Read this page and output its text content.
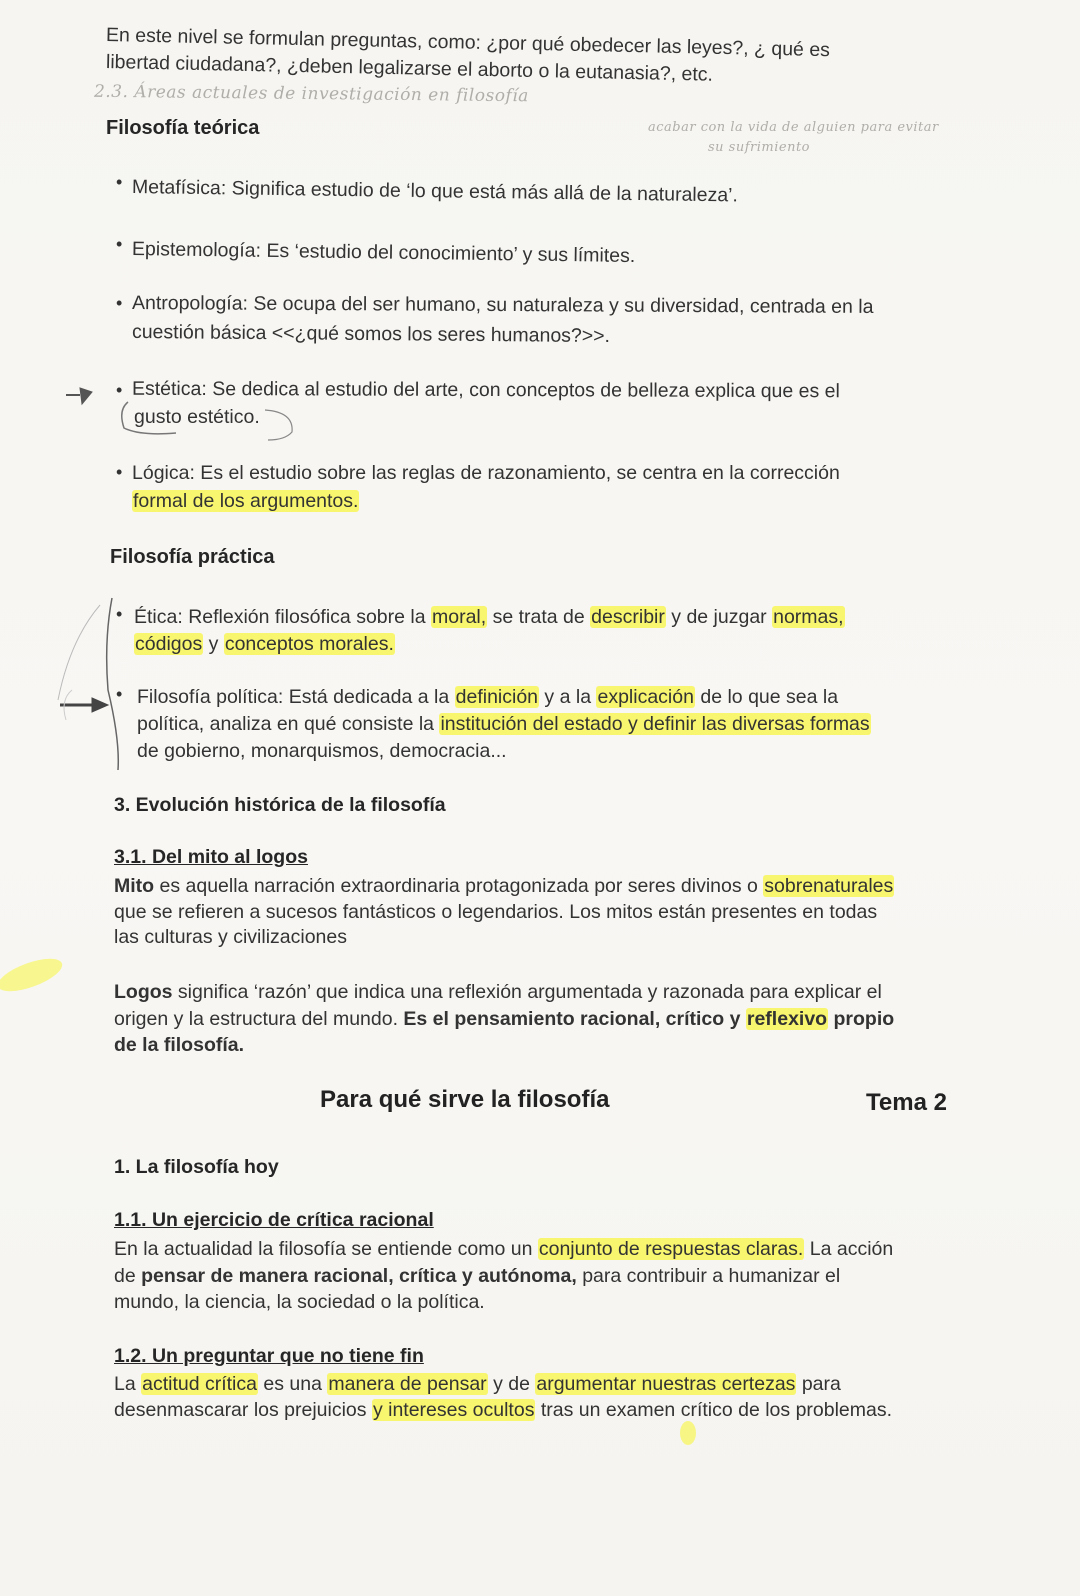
En este nivel se formulan preguntas, como: ¿por qué obedecer las leyes?, ¿ qué es
libertad ciudadana?, ¿deben legalizarse el aborto o la eutanasia?, etc.
2.3. Áreas actuales de investigación en filosofía
acabar con la vida de alguien para evitar
su sufrimiento
Filosofía teórica
• Metafísica: Significa estudio de ‘lo que está más allá de la naturaleza’.
• Epistemología: Es ‘estudio del conocimiento’ y sus límites.
• Antropología: Se ocupa del ser humano, su naturaleza y su diversidad, centrada en la
cuestión básica <<¿qué somos los seres humanos?>>.
• Estética: Se dedica al estudio del arte, con conceptos de belleza explica que es el
gusto estético.
• Lógica: Es el estudio sobre las reglas de razonamiento, se centra en la corrección
formal de los argumentos.
Filosofía práctica
• Ética: Reflexión filosófica sobre la moral, se trata de describir y de juzgar normas,
códigos y conceptos morales.
• Filosofía política: Está dedicada a la definición y a la explicación de lo que sea la
política, analiza en qué consiste la institución del estado y definir las diversas formas
de gobierno, monarquismos, democracia...
3. Evolución histórica de la filosofía
3.1. Del mito al logos
Mito es aquella narración extraordinaria protagonizada por seres divinos o sobrenaturales
que se refieren a sucesos fantásticos o legendarios. Los mitos están presentes en todas
las culturas y civilizaciones
Logos significa ‘razón’ que indica una reflexión argumentada y razonada para explicar el
origen y la estructura del mundo. Es el pensamiento racional, crítico y reflexivo propio
de la filosofía.
Para qué sirve la filosofía	Tema 2
1. La filosofía hoy
1.1. Un ejercicio de crítica racional
En la actualidad la filosofía se entiende como un conjunto de respuestas claras. La acción
de pensar de manera racional, crítica y autónoma, para contribuir a humanizar el
mundo, la ciencia, la sociedad o la política.
1.2. Un preguntar que no tiene fin
La actitud crítica es una manera de pensar y de argumentar nuestras certezas para
desenmascarar los prejuicios y intereses ocultos tras un examen crítico de los problemas.
